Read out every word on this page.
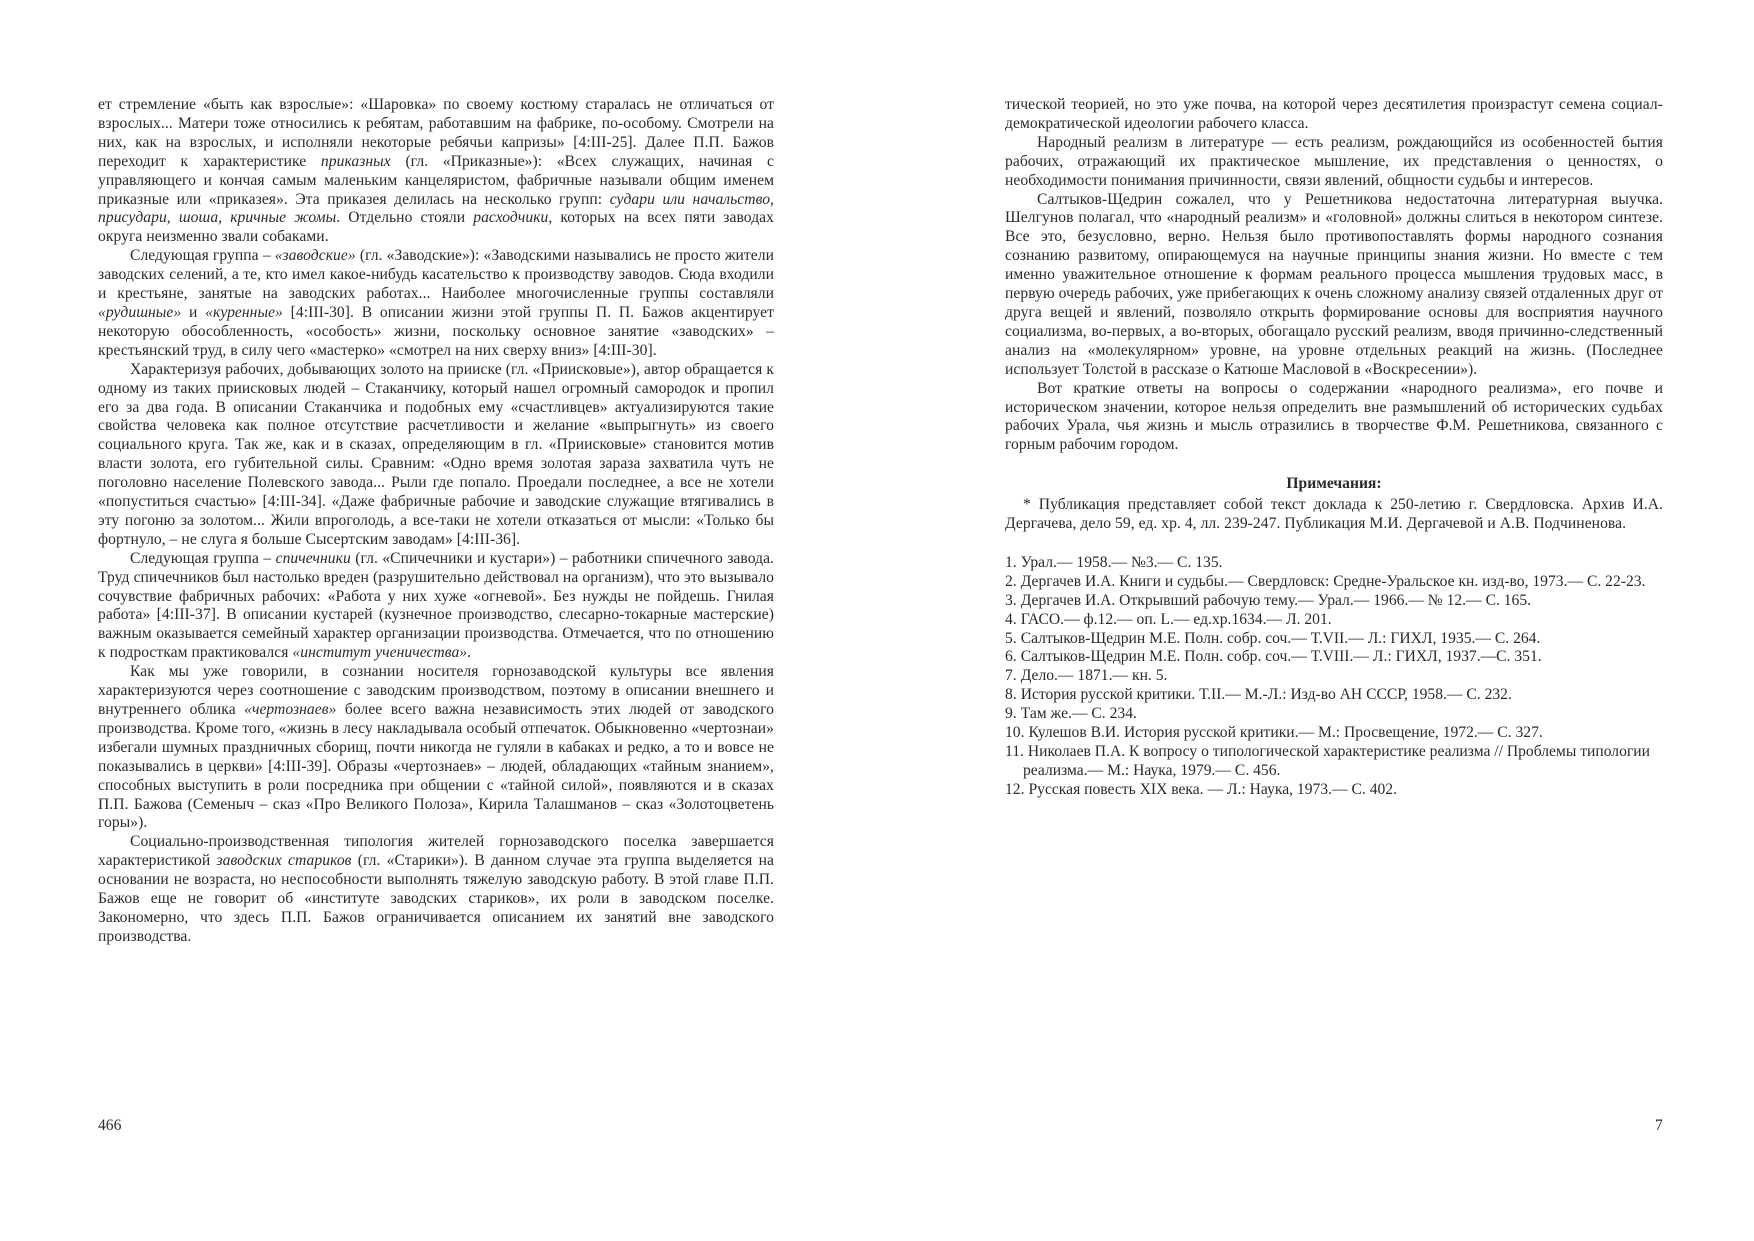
ет стремление «быть как взрослые»: «Шаровка» по своему костюму старалась не отличаться от взрослых... Матери тоже относились к ребятам, работавшим на фабрике, по-особому. Смотрели на них, как на взрослых, и исполняли некоторые ребячьи капризы» [4:III-25]. Далее П.П. Бажов переходит к характеристике приказных (гл. «Приказные»): «Всех служащих, начиная с управляющего и кончая самым маленьким канцеляристом, фабричные называли общим именем приказные или «приказея». Эта приказея делилась на несколько групп: судари или начальство, присудари, шоша, кричные жомы. Отдельно стояли расходчики, которых на всех пяти заводах округа неизменно звали собаками.

Следующая группа – «заводские» (гл. «Заводские»): «Заводскими назывались не просто жители заводских селений, а те, кто имел какое-нибудь касательство к производству заводов. Сюда входили и крестьяне, занятые на заводских работах... Наиболее многочисленные группы составляли «рудишные» и «куренные» [4:III-30]. В описании жизни этой группы П. П. Бажов акцентирует некоторую обособленность, «особость» жизни, поскольку основное занятие «заводских» – крестьянский труд, в силу чего «мастерко» «смотрел на них сверху вниз» [4:III-30].

Характеризуя рабочих, добывающих золото на прииске (гл. «Приисковые»), автор обращается к одному из таких приисковых людей – Стаканчику, который нашел огромный самородок и пропил его за два года. В описании Стаканчика и подобных ему «счастливцев» актуализируются такие свойства человека как полное отсутствие расчетливости и желание «выпрыгнуть» из своего социального круга. Так же, как и в сказах, определяющим в гл. «Приисковые» становится мотив власти золота, его губительной силы. Сравним: «Одно время золотая зараза захватила чуть не поголовно население Полевского завода... Рыли где попало. Проедали последнее, а все не хотели «попуститься счастью» [4:III-34]. «Даже фабричные рабочие и заводские служащие втягивались в эту погоню за золотом... Жили впроголодь, а все-таки не хотели отказаться от мысли: «Только бы фортнуло, – не слуга я больше Сысертским заводам» [4:III-36].

Следующая группа – спичечники (гл. «Спичечники и кустари») – работники спичечного завода. Труд спичечников был настолько вреден (разрушительно действовал на организм), что это вызывало сочувствие фабричных рабочих: «Работа у них хуже «огневой». Без нужды не пойдешь. Гнилая работа» [4:III-37]. В описании кустарей (кузнечное производство, слесарно-токарные мастерские) важным оказывается семейный характер организации производства. Отмечается, что по отношению к подросткам практиковался «институт ученичества».

Как мы уже говорили, в сознании носителя горнозаводской культуры все явления характеризуются через соотношение с заводским производством, поэтому в описании внешнего и внутреннего облика «чертознаев» более всего важна независимость этих людей от заводского производства. Кроме того, «жизнь в лесу накладывала особый отпечаток. Обыкновенно «чертознаи» избегали шумных праздничных сборищ, почти никогда не гуляли в кабаках и редко, а то и вовсе не показывались в церкви» [4:III-39]. Образы «чертознаев» – людей, обладающих «тайным знанием», способных выступить в роли посредника при общении с «тайной силой», появляются и в сказах П.П. Бажова (Семеныч – сказ «Про Великого Полоза», Кирила Талашманов – сказ «Золотоцветень горы»).

Социально-производственная типология жителей горнозаводского поселка завершается характеристикой заводских стариков (гл. «Старики»). В данном случае эта группа выделяется на основании не возраста, но неспособности выполнять тяжелую заводскую работу. В этой главе П.П. Бажов еще не говорит об «институте заводских стариков», их роли в заводском поселке. Закономерно, что здесь П.П. Бажов ограничивается описанием их занятий вне заводского производства.

466

тической теорией, но это уже почва, на которой через десятилетия произрастут семена социал-демократической идеологии рабочего класса.

Народный реализм в литературе — есть реализм, рождающийся из особенностей бытия рабочих, отражающий их практическое мышление, их представления о ценностях, о необходимости понимания причинности, связи явлений, общности судьбы и интересов.

Салтыков-Щедрин сожалел, что у Решетникова недостаточна литературная выучка. Шелгунов полагал, что «народный реализм» и «головной» должны слиться в некотором синтезе. Все это, безусловно, верно. Нельзя было противопоставлять формы народного сознания сознанию развитому, опирающемуся на научные принципы знания жизни. Но вместе с тем именно уважительное отношение к формам реального процесса мышления трудовых масс, в первую очередь рабочих, уже прибегающих к очень сложному анализу связей отдаленных друг от друга вещей и явлений, позволяло открыть формирование основы для восприятия научного социализма, во-первых, а во-вторых, обогащало русский реализм, вводя причинно-следственный анализ на «молекулярном» уровне, на уровне отдельных реакций на жизнь. (Последнее использует Толстой в рассказе о Катюше Масловой в «Воскресении»).

Вот краткие ответы на вопросы о содержании «народного реализма», его почве и историческом значении, которое нельзя определить вне размышлений об исторических судьбах рабочих Урала, чья жизнь и мысль отразились в творчестве Ф.М. Решетникова, связанного с горным рабочим городом.

Примечания:

* Публикация представляет собой текст доклада к 250-летию г. Свердловска. Архив И.А. Дергачева, дело 59, ед. хр. 4, лл. 239-247. Публикация М.И. Дергачевой и А.В. Подчиненова.

1. Урал.— 1958.— №3.— С. 135.
2. Дергачев И.А. Книги и судьбы.— Свердловск: Средне-Уральское кн. изд-во, 1973.— С. 22-23.
3. Дергачев И.А. Открывший рабочую тему.— Урал.— 1966.— № 12.— С. 165.
4. ГАСО.— ф.12.— оп. L.— ед.хр.1634.— Л. 201.
5. Салтыков-Щедрин М.Е. Полн. собр. соч.— Т.VII.— Л.: ГИХЛ, 1935.— С. 264.
6. Салтыков-Щедрин М.Е. Полн. собр. соч.— Т.VIII.— Л.: ГИХЛ, 1937.—С. 351.
7. Дело.— 1871.— кн. 5.
8. История русской критики. Т.II.— М.-Л.: Изд-во АН СССР, 1958.— С. 232.
9. Там же.— С. 234.
10. Кулешов В.И. История русской критики.— М.: Просвещение, 1972.— С. 327.
11. Николаев П.А. К вопросу о типологической характеристике реализма // Проблемы типологии реализма.— М.: Наука, 1979.— С. 456.
12. Русская повесть XIX века. — Л.: Наука, 1973.— С. 402.
7
